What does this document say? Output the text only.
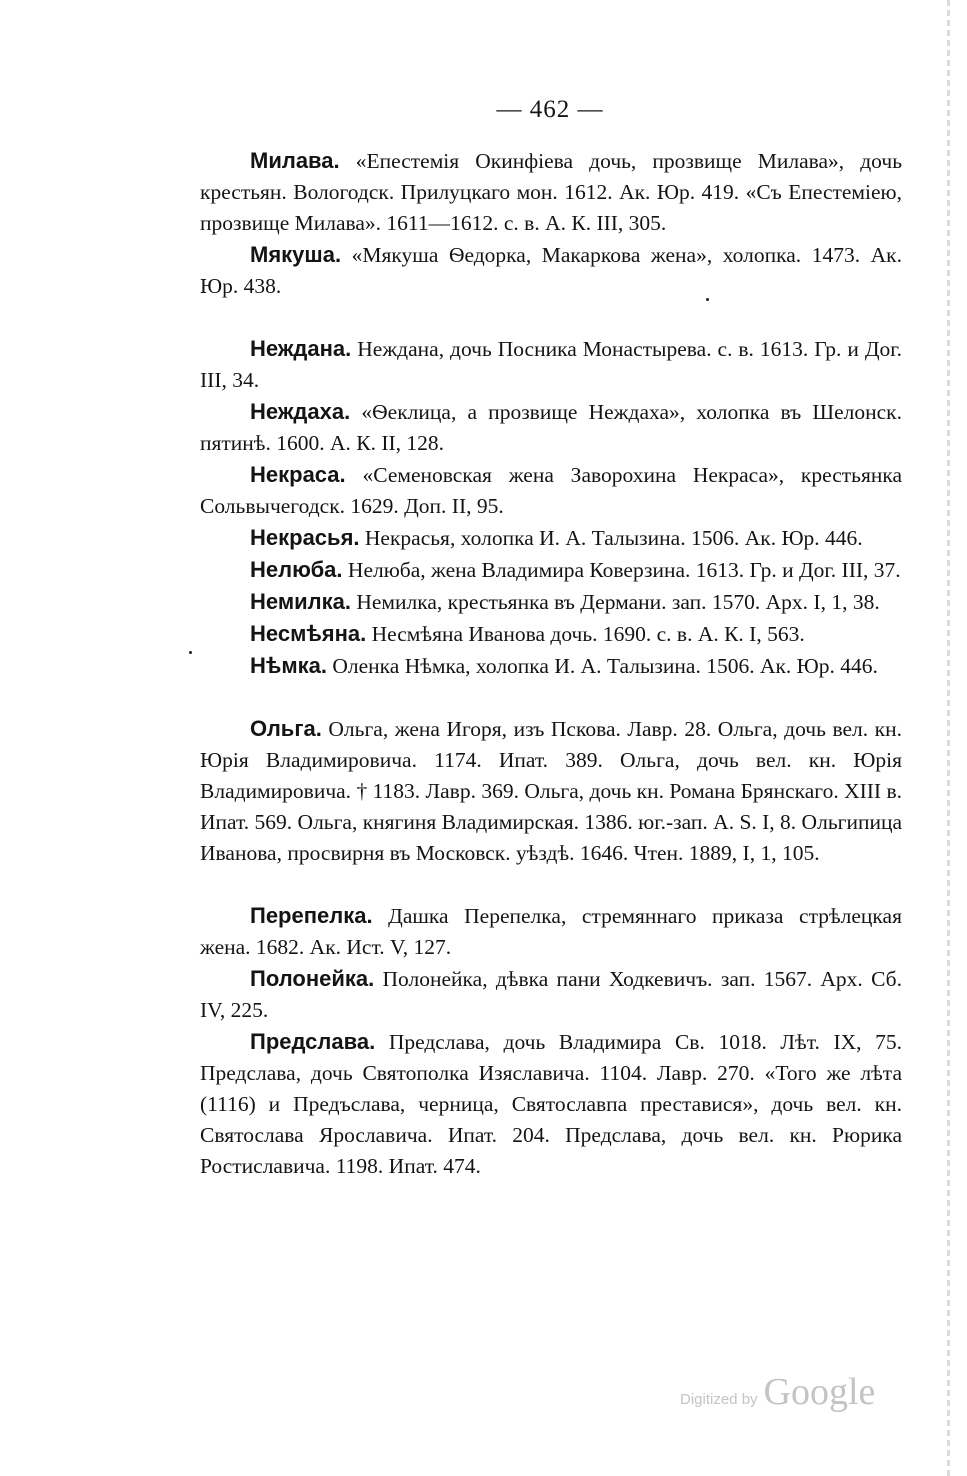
— 462 —

Милава. «Епестемія Окинфіева дочь, прозвище Милава», дочь крестьян. Вологодск. Прилуцкаго мон. 1612. Ак. Юр. 419. «Съ Епестеміею, прозвище Милава». 1611—1612. с. в. А. К. III, 305.

Мякуша. «Мякуша Ѳедорка, Макаркова жена», холопка. 1473. Ак. Юр. 438.

Неждана. Неждана, дочь Посника Монастырева. с. в. 1613. Гр. и Дог. III, 34.

Неждаха. «Ѳеклица, а прозвище Неждаха», холопка въ Шелонск. пятинѣ. 1600. А. К. II, 128.

Некраса. «Семеновская жена Заворохина Некраса», крестьянка Сольвычегодск. 1629. Доп. II, 95.

Некрасья. Некрасья, холопка И. А. Талызина. 1506. Ак. Юр. 446.

Нелюба. Нелюба, жена Владимира Коверзина. 1613. Гр. и Дог. III, 37.

Немилка. Немилка, крестьянка въ Дермани. зап. 1570. Арх. I, 1, 38.

Несмѣяна. Несмѣяна Иванова дочь. 1690. с. в. А. К. I, 563.

Нѣмка. Оленка Нѣмка, холопка И. А. Талызина. 1506. Ак. Юр. 446.

Ольга. Ольга, жена Игоря, изъ Пскова. Лавр. 28. Ольга, дочь вел. кн. Юрія Владимировича. 1174. Ипат. 389. Ольга, дочь вел. кн. Юрія Владимировича. † 1183. Лавр. 369. Ольга, дочь кн. Романа Брянскаго. XIII в. Ипат. 569. Ольга, княгиня Владимирская. 1386. юг.-зап. А. S. I, 8. Ольгипица Иванова, просвирня въ Московск. уѣздѣ. 1646. Чтен. 1889, I, 1, 105.

Перепелка. Дашка Перепелка, стремяннаго приказа стрѣлецкая жена. 1682. Ак. Ист. V, 127.

Полонейка. Полонейка, дѣвка пани Ходкевичъ. зап. 1567. Арх. Сб. IV, 225.

Предслава. Предслава, дочь Владимира Св. 1018. Лѣт. IX, 75. Предслава, дочь Святополка Изяславича. 1104. Лавр. 270. «Того же лѣта (1116) и Предъслава, черница, Святославпа преставися», дочь вел. кн. Святослава Ярославича. Ипат. 204. Предслава, дочь вел. кн. Рюрика Ростиславича. 1198. Ипат. 474.

Digitized by Google
